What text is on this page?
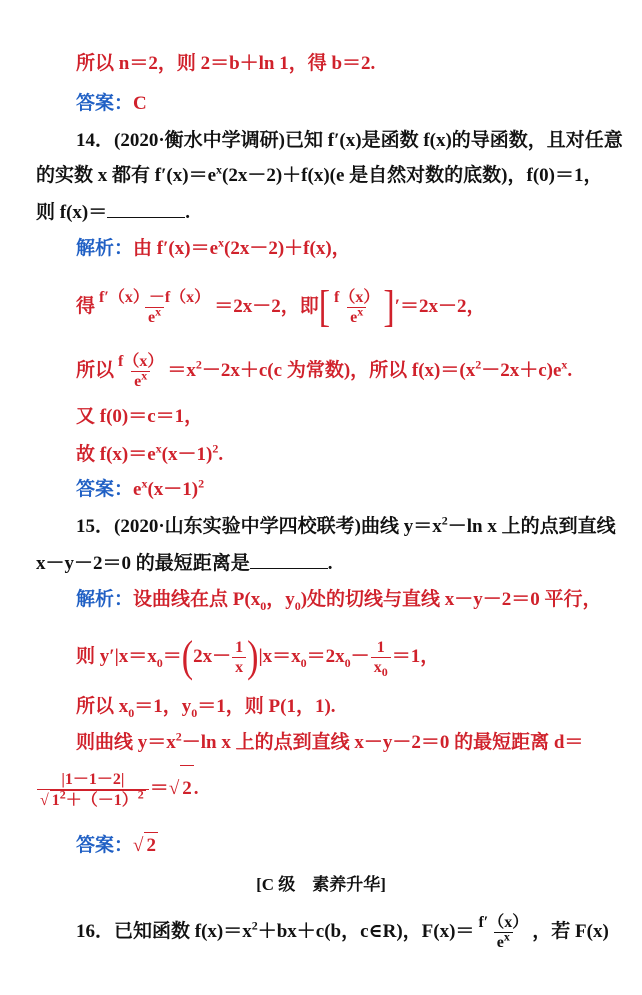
所以 n＝2，则 2＝b＋ln 1，得 b＝2.
答案：C
14．(2020·衡水中学调研)已知 f′(x)是函数 f(x)的导函数，且对任意
的实数 x 都有 $f'(x)=e^x(2x-2)+f(x)(e$ 是自然对数的底数)，f(0)＝1，
则 f(x)＝	.
解析：由 $f'(x)=e^x(2x-2)+f(x)$，
得 $\frac{f'(x)-f(x)}{e^x} =2x-2$，即[ $\frac{f(x)}{e^x} ]'=2x-2$，
所以 $\frac{f(x)}{e^x} =x^2-2x+c(c$ 为常数)，所以 $f(x)=(x^2-2x+c)e^x$.
又 f(0)＝c＝1，
故 $f(x)=e^x(x-1)^2$.
答案：$e^x(x-1)^2$
15．(2020·山东实验中学四校联考)曲线 $y=x^2-\ln$ x 上的点到直线
x－y－2＝0 的最短距离是	.
解析：设曲线在点 $P(x_0$，$y_0$)处的切线与直线 x－y－2＝0 平行，
则 $y'|x=x_0=(2x- \frac{1}{x} )|x=x_0=2x_0- \frac{1}{x_0} =1$，
所以 $x_0=1$，$y_0=1$，则 P(1，1).
则曲线 $y=x^2-\ln$ x 上的点到直线 x－y－2＝0 的最短距离 d＝
$\frac{|1-1-2|}{√ 1^2+(-1)^2}$ ＝√ 2 .
答案：√ 2
[C 级　素养升华]
16．已知函数 $f(x)=x^2+bx+c(b$，c∈R)，$F(x)= \frac{f'(x)}{e^x}$ ，若 F(x)
